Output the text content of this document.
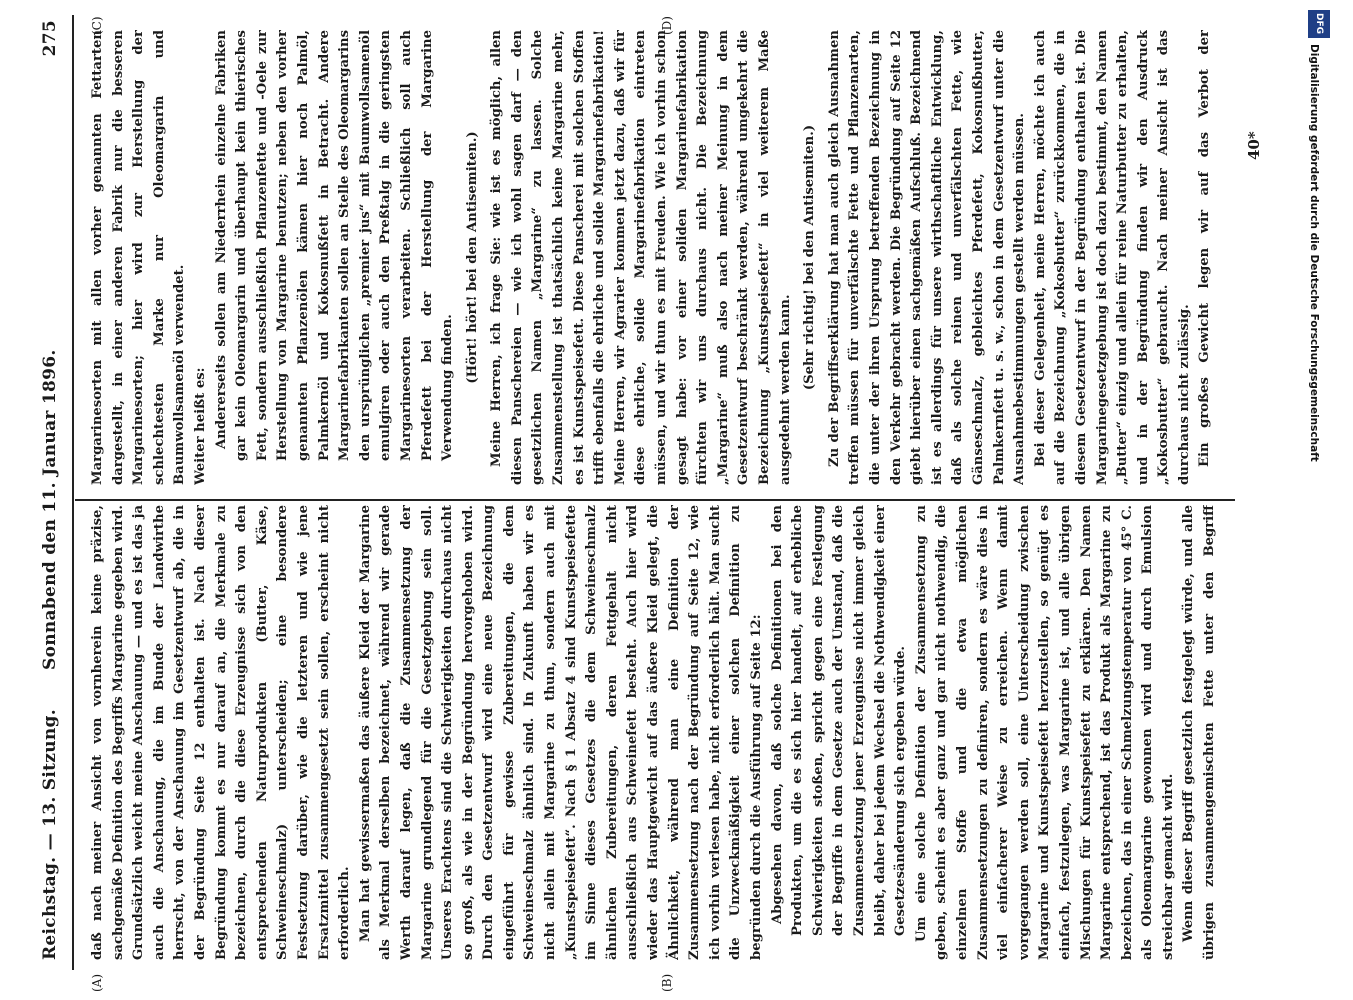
Reichstag. — 13. Sitzung.
Sonnabend den 11. Januar 1896.
275
(A)	(B)
(C)	(D)

daß nach meiner Ansicht von vornherein keine präzise, sachgemäße Definition des Begriffs Margarine gegeben wird. Grundsätzlich weicht meine Anschauung — und es ist das ja auch die Anschauung, die im Bunde der Landwirthe herrscht, von der Anschauung im Gesetzentwurf ab, die in der Begründung Seite 12 enthalten ist. Nach dieser Begründung kommt es nur darauf an, die Merkmale zu bezeichnen, durch die diese Erzeugnisse sich von den entsprechenden Naturprodukten (Butter, Käse, Schweineschmalz) unterscheiden; eine besondere Festsetzung darüber, wie die letzteren und wie jene Ersatzmittel zusammengesetzt sein sollen, erscheint nicht erforderlich. Man hat gewissermaßen das äußere Kleid der Margarine als Merkmal derselben bezeichnet, während wir gerade Werth darauf legen, daß die Zusammensetzung der Margarine grundlegend für die Gesetzgebung sein soll. Unseres Erachtens sind die Schwierigkeiten durchaus nicht so groß, als wie in der Begründung hervorgehoben wird. Durch den Gesetzentwurf wird eine neue Bezeichnung eingeführt für gewisse Zubereitungen, die dem Schweineschmalz ähnlich sind. In Zukunft haben wir es nicht allein mit Margarine zu thun, sondern auch mit „Kunstspeisefett“. Nach § 1 Absatz 4 sind Kunstspeisefette im Sinne dieses Gesetzes die dem Schweineschmalz ähnlichen Zubereitungen, deren Fettgehalt nicht ausschließlich aus Schweinefett besteht. Auch hier wird wieder das Hauptgewicht auf das äußere Kleid gelegt, die Ähnlichkeit, während man eine Definition der Zusammensetzung nach der Begründung auf Seite 12, wie ich vorhin verlesen habe, nicht erforderlich hält. Man sucht die Unzweckmäßigkeit einer solchen Definition zu begründen durch die Ausführung auf Seite 12: Abgesehen davon, daß solche Definitionen bei den Produkten, um die es sich hier handelt, auf erhebliche Schwierigkeiten stoßen, spricht gegen eine Festlegung der Begriffe in dem Gesetze auch der Umstand, daß die Zusammensetzung jener Erzeugnisse nicht immer gleich bleibt, daher bei jedem Wechsel die Nothwendigkeit einer Gesetzesänderung sich ergeben würde. Um eine solche Definition der Zusammensetzung zu geben, scheint es aber ganz und gar nicht nothwendig, die einzelnen Stoffe und die etwa möglichen Zusammensetzungen zu definiren, sondern es wäre dies in viel einfacherer Weise zu erreichen. Wenn damit vorgegangen werden soll, eine Unterscheidung zwischen Margarine und Kunstspeisefett herzustellen, so genügt es einfach, festzulegen, was Margarine ist, und alle übrigen Mischungen für Kunstspeisefett zu erklären. Den Namen Margarine entsprechend, ist das Produkt als Margarine zu bezeichnen, das in einer Schmelzungstemperatur von 45° C. als Oleomargarine gewonnen wird und durch Emulsion streichbar gemacht wird. Wenn dieser Begriff gesetzlich festgelegt würde, und alle übrigen zusammengemischten Fette unter den Begriff

Margarinesorten mit allen vorher genannten Fettarten dargestellt, in einer anderen Fabrik nur die besseren Margarinesorten; hier wird zur Herstellung der schlechtesten Marke nur Oleomargarin und Baumwollsamenöl verwendet. Weiter heißt es: Andererseits sollen am Niederrhein einzelne Fabriken gar kein Oleomargarin und überhaupt kein thierisches Fett, sondern ausschließlich Pflanzenfette und -Oele zur Herstellung von Margarine benutzen; neben den vorher genannten Pflanzenölen kämen hier noch Palmöl, Palmkernöl und Kokosnußfett in Betracht. Andere Margarinefabrikanten sollen an Stelle des Oleomargarins den ursprünglichen „premier jus“ mit Baumwollsamenöl emulgiren oder auch den Preßtalg in die geringsten Margarinesorten verarbeiten. Schließlich soll auch Pferdefett bei der Herstellung der Margarine Verwendung finden.

(Hört! hört! bei den Antisemiten.) Meine Herren, ich frage Sie: wie ist es möglich, allen diesen Panschereien — wie ich wohl sagen darf — den gesetzlichen Namen „Margarine“ zu lassen. Solche Zusammenstellung ist thatsächlich keine Margarine mehr, es ist Kunstspeisefett. Diese Panscherei mit solchen Stoffen trifft ebenfalls die ehrliche und solide Margarinefabrikation! Meine Herren, wir Agrarier kommen jetzt dazu, daß wir für diese ehrliche, solide Margarinefabrikation eintreten müssen, und wir thun es mit Freuden. Wie ich vorhin schon gesagt habe: vor einer soliden Margarinefabrikation fürchten wir uns durchaus nicht. Die Bezeichnung „Margarine“ muß also nach meiner Meinung in dem Gesetzentwurf beschränkt werden, während umgekehrt die Bezeichnung „Kunstspeisefett“ in viel weiterem Maße ausgedehnt werden kann. (Sehr richtig! bei den Antisemiten.) Zu der Begriffserklärung hat man auch gleich Ausnahmen treffen müssen für unverfälschte Fette und Pflanzenarten, die unter der ihren Ursprung betreffenden Bezeichnung in den Verkehr gebracht werden. Die Begründung auf Seite 12 giebt hierüber einen sachgemäßen Aufschluß. Bezeichnend ist es allerdings für unsere wirthschaftliche Entwicklung, daß als solche reinen und unverfälschten Fette, wie Gänseschmalz, gebleichtes Pferdefett, Kokosnußbutter, Palmkernfett u. s. w., schon in dem Gesetzentwurf unter die Ausnahmebestimmungen gestellt werden müssen. Bei dieser Gelegenheit, meine Herren, möchte ich auch auf die Bezeichnung „Kokosbutter“ zurückkommen, die in diesem Gesetzentwurf in der Begründung enthalten ist. Die Margarinegesetzgebung ist doch dazu bestimmt, den Namen „Butter“ einzig und allein für reine Naturbutter zu erhalten, und in der Begründung finden wir den Ausdruck „Kokosbutter“ gebraucht. Nach meiner Ansicht ist das durchaus nicht zulässig. Ein großes Gewicht legen wir auf das Verbot der

40*
DFG
Digitalisierung gefördert durch die Deutsche Forschungsgemeinschaft
